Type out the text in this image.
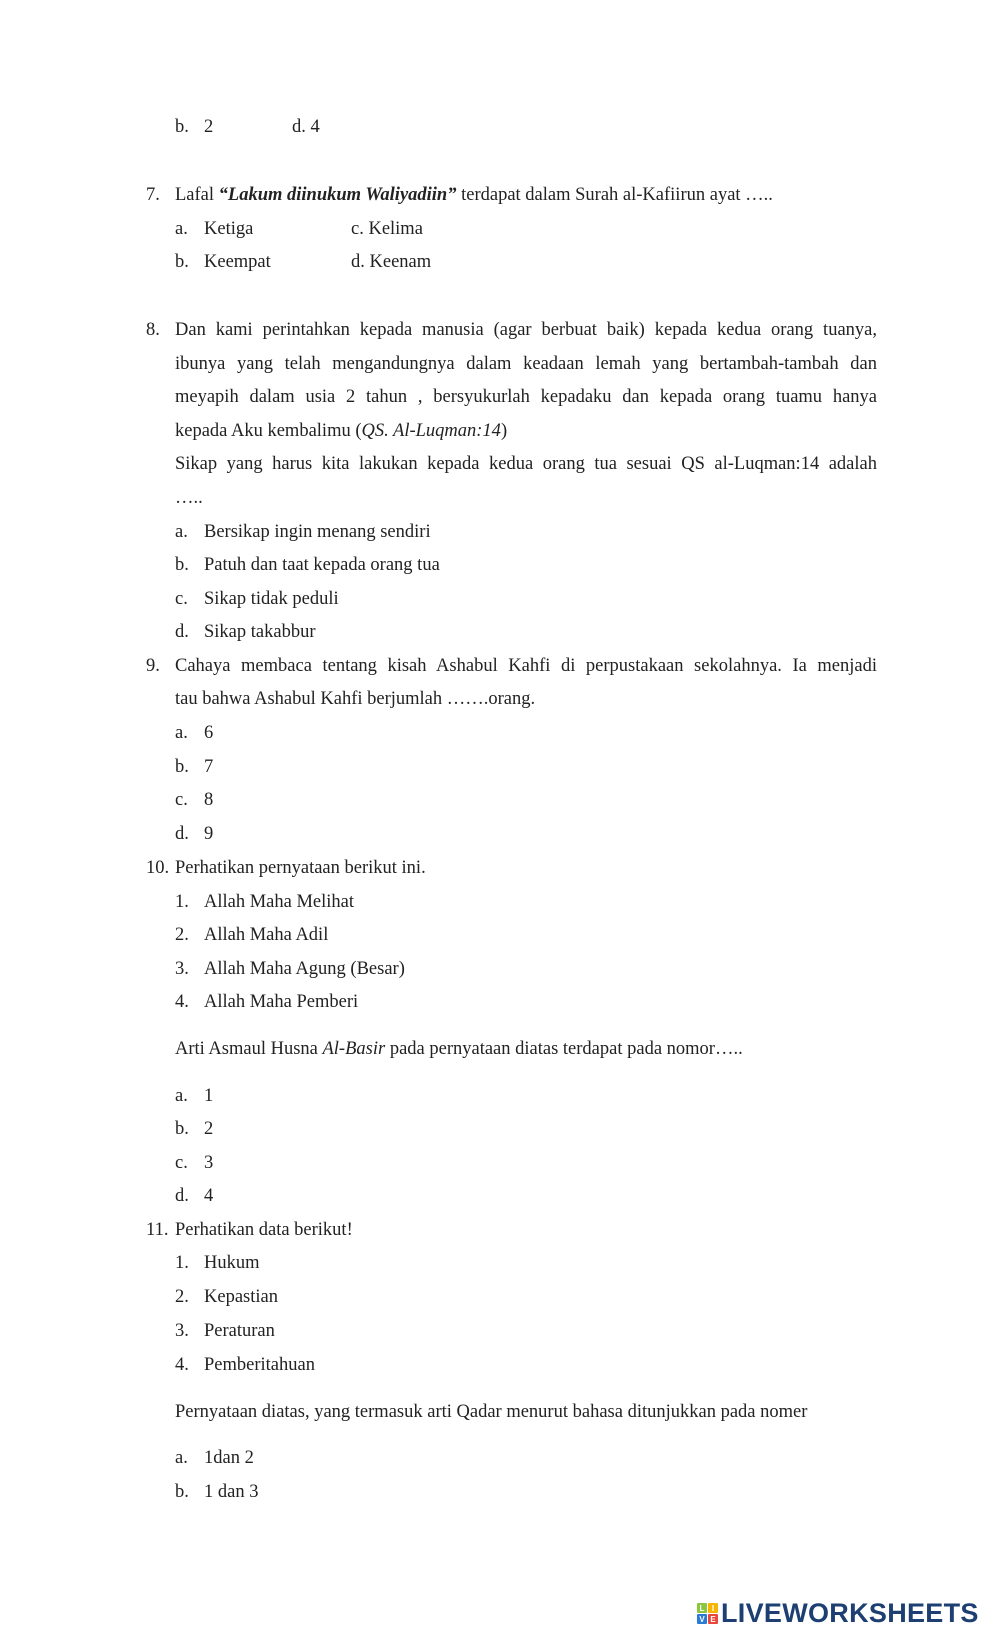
b. 2	d. 4
7. Lafal “Lakum diinukum Waliyadiin” terdapat dalam Surah al-Kafiirun ayat …..
a. Ketiga	c. Kelima
b. Keempat	d. Keenam
8. Dan kami perintahkan kepada manusia (agar berbuat baik) kepada kedua orang tuanya,
ibunya yang telah mengandungnya dalam keadaan lemah yang bertambah-tambah dan
meyapih dalam usia 2 tahun , bersyukurlah kepadaku dan kepada orang tuamu hanya
kepada Aku kembalimu (QS. Al-Luqman:14)
Sikap yang harus kita lakukan kepada kedua orang tua sesuai QS al-Luqman:14 adalah
…..
a. Bersikap ingin menang sendiri
b. Patuh dan taat kepada orang tua
c. Sikap tidak peduli
d. Sikap takabbur
9. Cahaya membaca tentang kisah Ashabul Kahfi di perpustakaan sekolahnya. Ia menjadi
tau bahwa Ashabul Kahfi berjumlah …….orang.
a. 6
b. 7
c. 8
d. 9
10. Perhatikan pernyataan berikut ini.
1. Allah Maha Melihat
2. Allah Maha Adil
3. Allah Maha Agung (Besar)
4. Allah Maha Pemberi
Arti Asmaul Husna Al-Basir pada pernyataan diatas terdapat pada nomor…..
a. 1
b. 2
c. 3
d. 4
11. Perhatikan data berikut!
1. Hukum
2. Kepastian
3. Peraturan
4. Pemberitahuan
Pernyataan diatas, yang termasuk arti Qadar menurut bahasa ditunjukkan pada nomer
a. 1dan 2
b. 1 dan 3
L I
V E LIVEWORKSHEETS
